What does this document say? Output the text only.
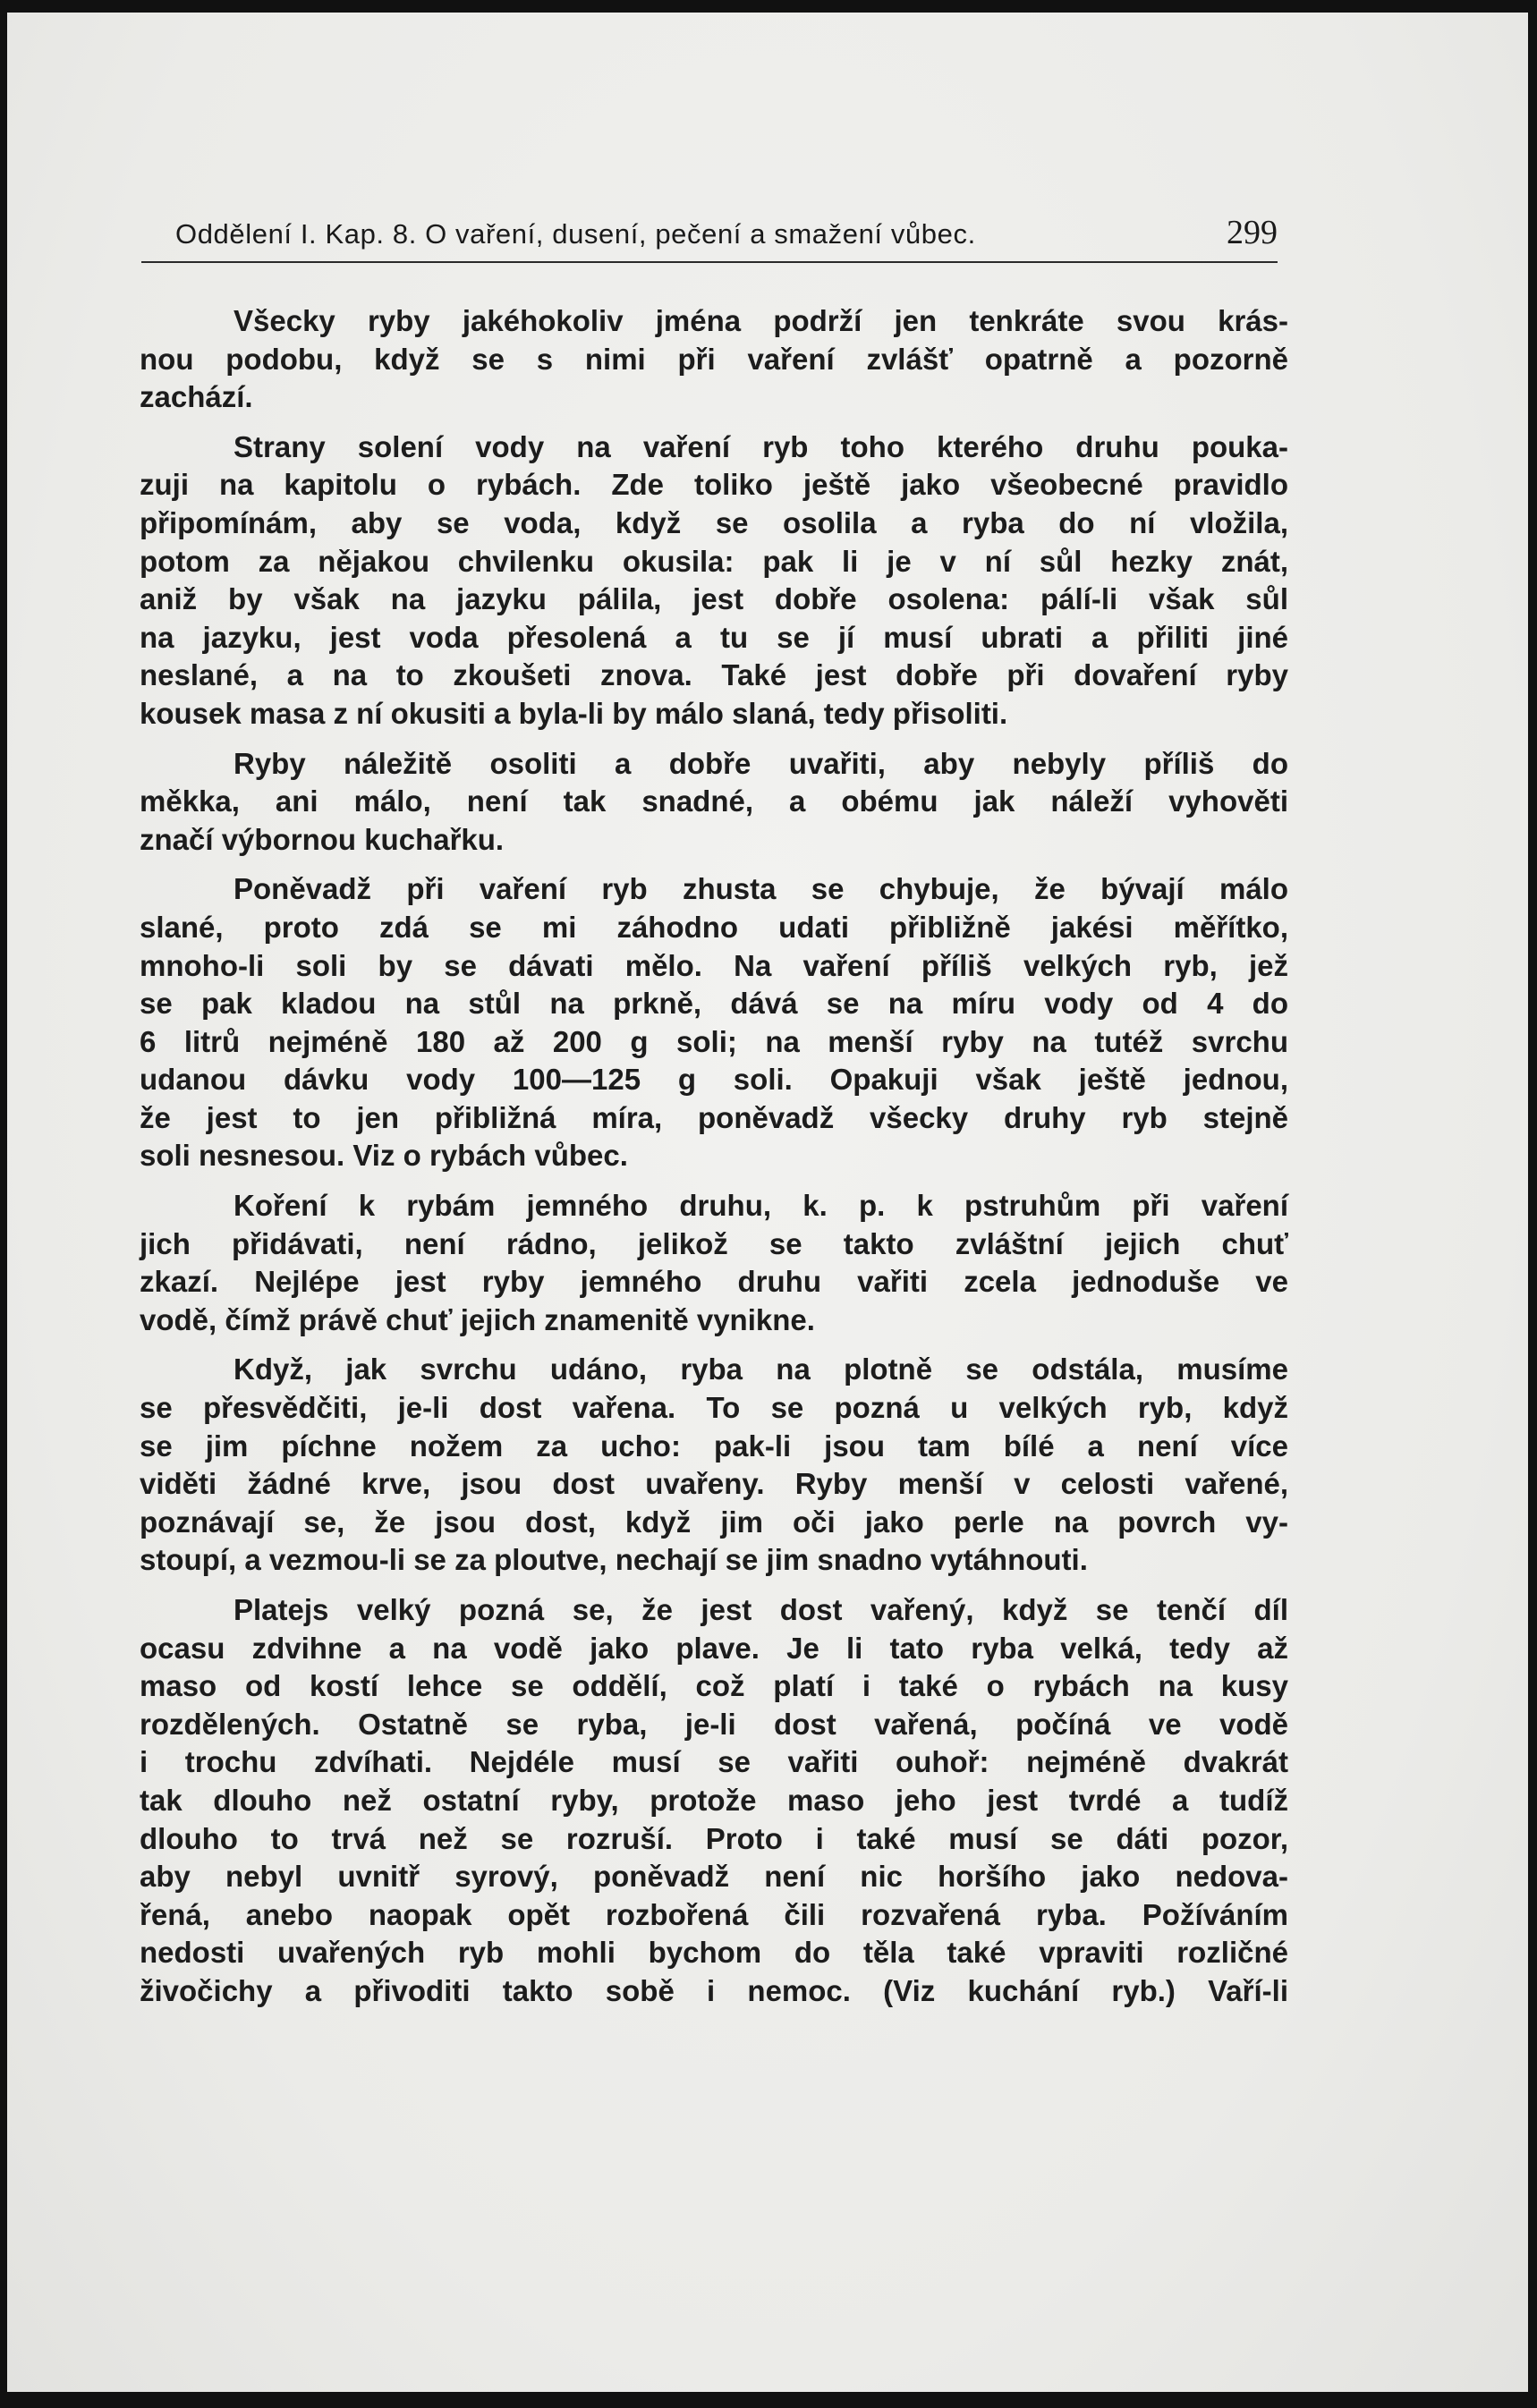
Oddělení I. Kap. 8. O vaření, dusení, pečení a smažení vůbec.	299
Všecky ryby jakéhokoliv jména podrží jen tenkráte svou krás-
nou podobu, když se s nimi při vaření zvlášť opatrně a pozorně
zachází.
Strany solení vody na vaření ryb toho kterého druhu pouka-
zuji na kapitolu o rybách. Zde toliko ještě jako všeobecné pravidlo
připomínám, aby se voda, když se osolila a ryba do ní vložila,
potom za nějakou chvilenku okusila: pak li je v ní sůl hezky znát,
aniž by však na jazyku pálila, jest dobře osolena: pálí-li však sůl
na jazyku, jest voda přesolená a tu se jí musí ubrati a přiliti jiné
neslané, a na to zkoušeti znova. Také jest dobře při dovaření ryby
kousek masa z ní okusiti a byla-li by málo slaná, tedy přisoliti.
Ryby náležitě osoliti a dobře uvařiti, aby nebyly příliš do
měkka, ani málo, není tak snadné, a obému jak náleží vyhověti
značí výbornou kuchařku.
Poněvadž při vaření ryb zhusta se chybuje, že bývají málo
slané, proto zdá se mi záhodno udati přibližně jakési měřítko,
mnoho-li soli by se dávati mělo. Na vaření příliš velkých ryb, jež
se pak kladou na stůl na prkně, dává se na míru vody od 4 do
6 litrů nejméně 180 až 200 g soli; na menší ryby na tutéž svrchu
udanou dávku vody 100—125 g soli. Opakuji však ještě jednou,
že jest to jen přibližná míra, poněvadž všecky druhy ryb stejně
soli nesnesou. Viz o rybách vůbec.
Koření k rybám jemného druhu, k. p. k pstruhům při vaření
jich přidávati, není rádno, jelikož se takto zvláštní jejich chuť
zkazí. Nejlépe jest ryby jemného druhu vařiti zcela jednoduše ve
vodě, čímž právě chuť jejich znamenitě vynikne.
Když, jak svrchu udáno, ryba na plotně se odstála, musíme
se přesvědčiti, je-li dost vařena. To se pozná u velkých ryb, když
se jim píchne nožem za ucho: pak-li jsou tam bílé a není více
viděti žádné krve, jsou dost uvařeny. Ryby menší v celosti vařené,
poznávají se, že jsou dost, když jim oči jako perle na povrch vy-
stoupí, a vezmou-li se za ploutve, nechají se jim snadno vytáhnouti.
Platejs velký pozná se, že jest dost vařený, když se tenčí díl
ocasu zdvihne a na vodě jako plave. Je li tato ryba velká, tedy až
maso od kostí lehce se oddělí, což platí i také o rybách na kusy
rozdělených. Ostatně se ryba, je-li dost vařená, počíná ve vodě
i trochu zdvíhati. Nejdéle musí se vařiti ouhoř: nejméně dvakrát
tak dlouho než ostatní ryby, protože maso jeho jest tvrdé a tudíž
dlouho to trvá než se rozruší. Proto i také musí se dáti pozor,
aby nebyl uvnitř syrový, poněvadž není nic horšího jako nedova-
řená, anebo naopak opět rozbořená čili rozvařená ryba. Požíváním
nedosti uvařených ryb mohli bychom do těla také vpraviti rozličné
živočichy a přivoditi takto sobě i nemoc. (Viz kuchání ryb.) Vaří-li
